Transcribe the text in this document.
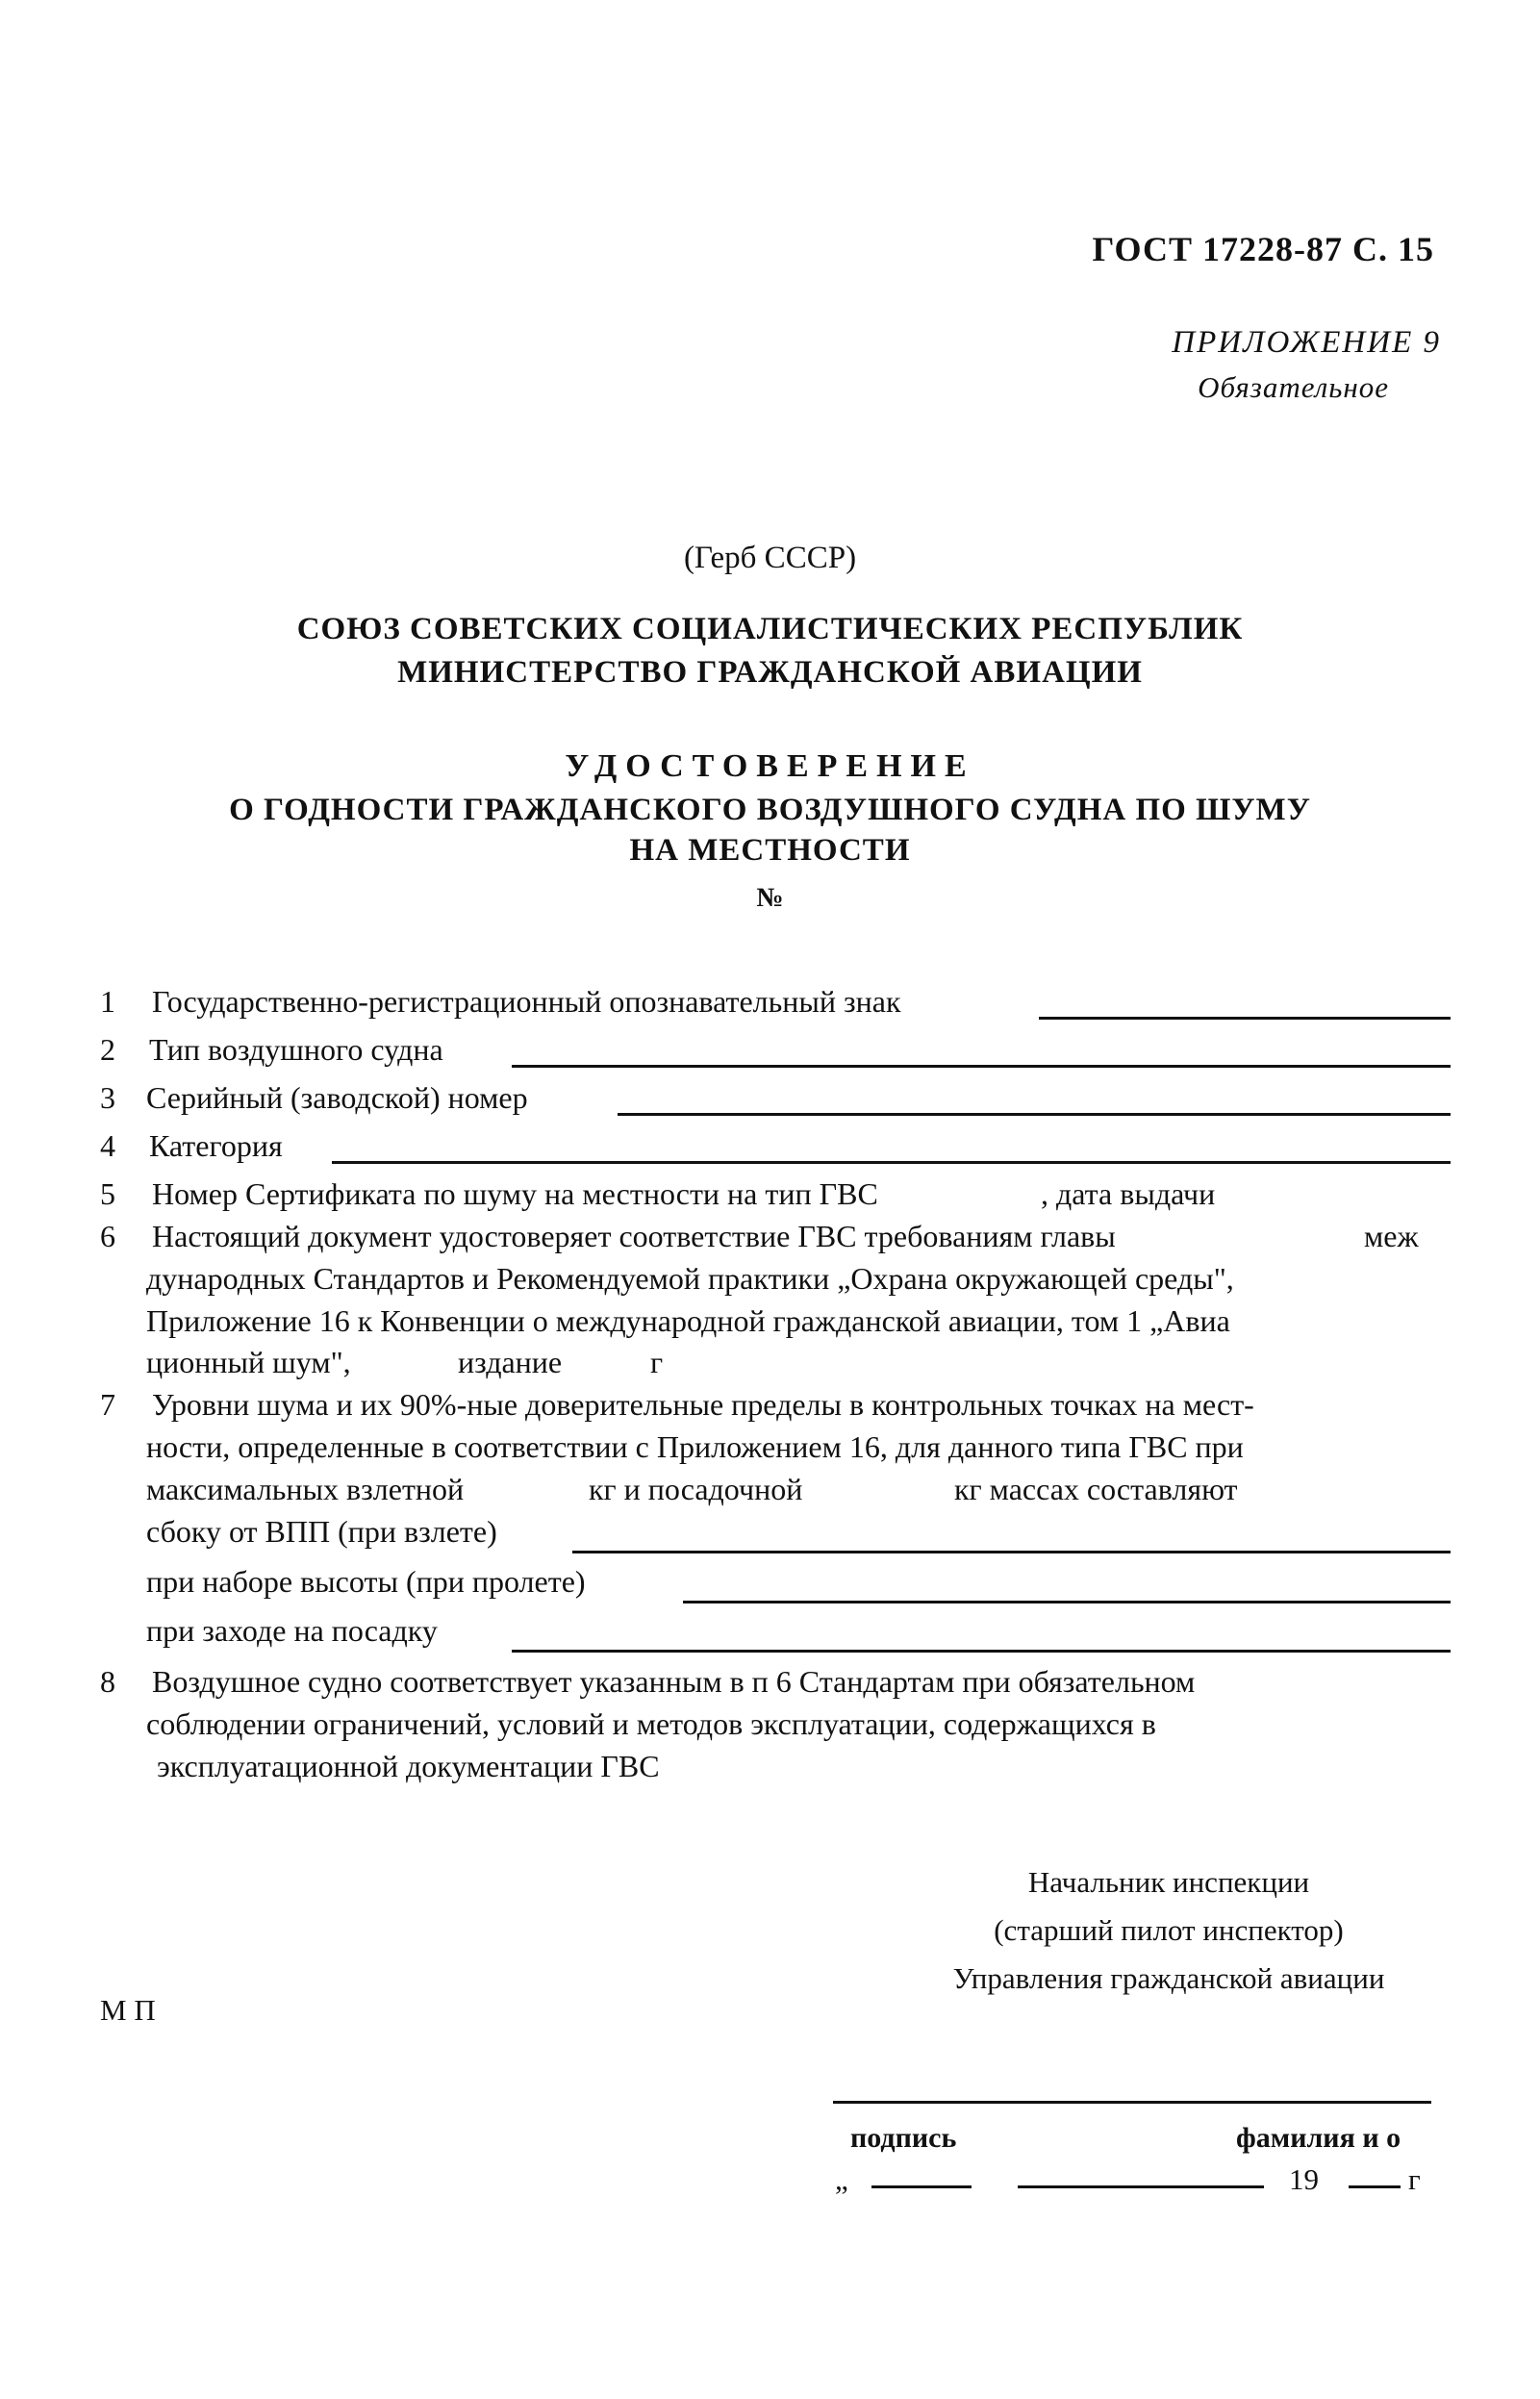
ГОСТ 17228-87 С. 15
ПРИЛОЖЕНИЕ 9
Обязательное
(Герб СССР)
СОЮЗ СОВЕТСКИХ СОЦИАЛИСТИЧЕСКИХ РЕСПУБЛИК
МИНИСТЕРСТВО ГРАЖДАНСКОЙ АВИАЦИИ
УДОСТОВЕРЕНИЕ
О ГОДНОСТИ ГРАЖДАНСКОГО ВОЗДУШНОГО СУДНА ПО ШУМУ
НА МЕСТНОСТИ
№
1 Государственно-регистрационный опознавательный знак
2 Тип воздушного судна
3 Серийный (заводской) номер
4 Категория
5 Номер Сертификата по шуму на местности на тип ГВС	, дата выдачи
6 Настоящий документ удостоверяет соответствие ГВС требованиям главы	меж
дународных Стандартов и Рекомендуемой практики „Охрана окружающей среды",
Приложение 16 к Конвенции о международной гражданской авиации, том 1 „Авиа
ционный шум",	издание	г
7 Уровни шума и их 90%-ные доверительные пределы в контрольных точках на мест-
ности, определенные в соответствии с Приложением 16, для данного типа ГВС при
максимальных взлетной	кг и посадочной	кг массах составляют
сбоку от ВПП (при взлете)
при наборе высоты (при пролете)
при заходе на посадку
8 Воздушное судно соответствует указанным в п 6 Стандартам при обязательном
соблюдении ограничений, условий и методов эксплуатации, содержащихся в
эксплуатационной документации ГВС
Начальник инспекции
(старший пилот инспектор)
Управления гражданской авиации
М П
подпись	фамилия и о
„	19	г
